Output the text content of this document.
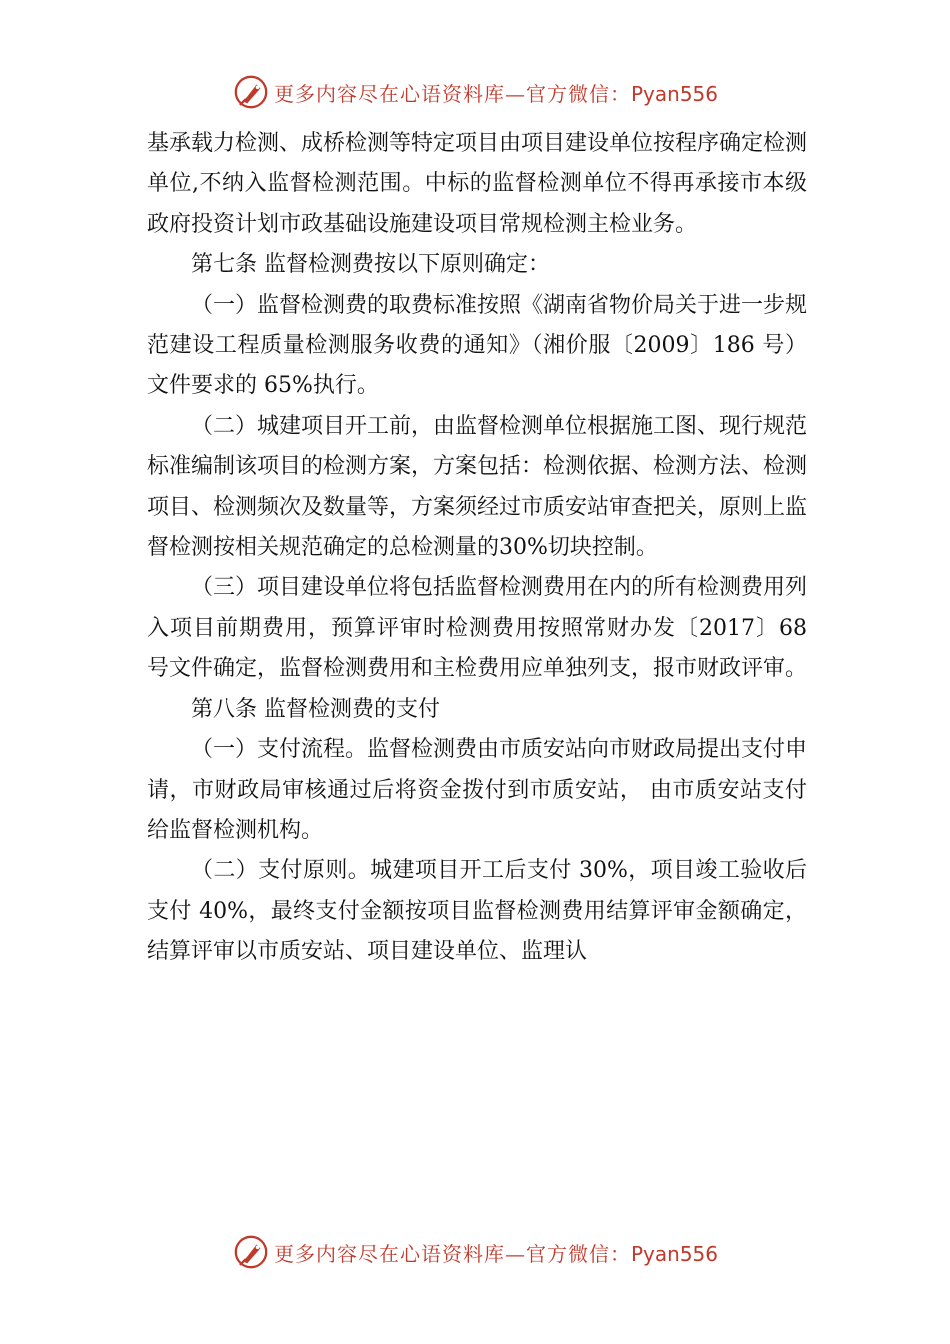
更多内容尽在心语资料库—官方微信：Pyan556

基承载力检测、成桥检测等特定项目由项目建设单位按程序确定检测单位,不纳入监督检测范围。中标的监督检测单位不得再承接市本级政府投资计划市政基础设施建设项目常规检测主检业务。

第七条 监督检测费按以下原则确定：

（一）监督检测费的取费标准按照《湖南省物价局关于进一步规范建设工程质量检测服务收费的通知》（湘价服〔2009〕186 号）文件要求的 65%执行。

（二）城建项目开工前，由监督检测单位根据施工图、现行规范标准编制该项目的检测方案，方案包括：检测依据、检测方法、检测项目、检测频次及数量等，方案须经过市质安站审查把关，原则上监督检测按相关规范确定的总检测量的30%切块控制。

（三）项目建设单位将包括监督检测费用在内的所有检测费用列入项目前期费用，预算评审时检测费用按照常财办发〔2017〕68 号文件确定，监督检测费用和主检费用应单独列支，报市财政评审。

第八条 监督检测费的支付

（一）支付流程。监督检测费由市质安站向市财政局提出支付申请，市财政局审核通过后将资金拨付到市质安站， 由市质安站支付给监督检测机构。

（二）支付原则。城建项目开工后支付 30%，项目竣工验收后支付 40%，最终支付金额按项目监督检测费用结算评审金额确定，结算评审以市质安站、项目建设单位、监理认

更多内容尽在心语资料库—官方微信：Pyan556
